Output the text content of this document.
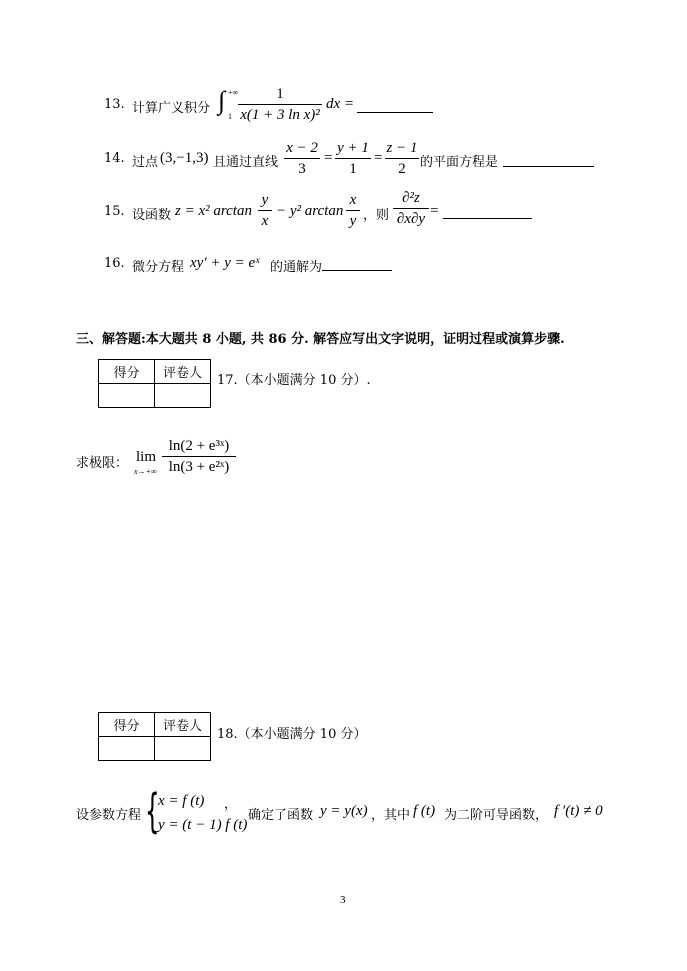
13. 计算广义积分 ∫ +∞
1
1
x(1 + 3 ln x)²
dx =
14. 过点 (3,−1,3) 且通过直线
x − 2
3
=
y + 1
1
=
z − 1
2	的平面方程是
15. 设函数 z = x² arctan
y
x
− y² arctan
x
y ，则
∂²z
∂x∂y =
16. 微分方程 xy′ + y = eˣ 的通解为
三、解答题:本大题共 8 小题, 共 86 分. 解答应写出文字说明，证明过程或演算步骤.
得分	评卷人
	17.（本小题满分 10 分）.
求极限： lim
x→+∞
ln(2 + e³ˣ)
ln(3 + e²ˣ)
得分	评卷人

18.（本小题满分 10 分）
设参数方程 {
x = f (t) ，
y = (t − 1) f (t)
确定了函数 y = y(x) ，其中 f (t) 为二阶可导函数， f ′(t) ≠ 0
3
